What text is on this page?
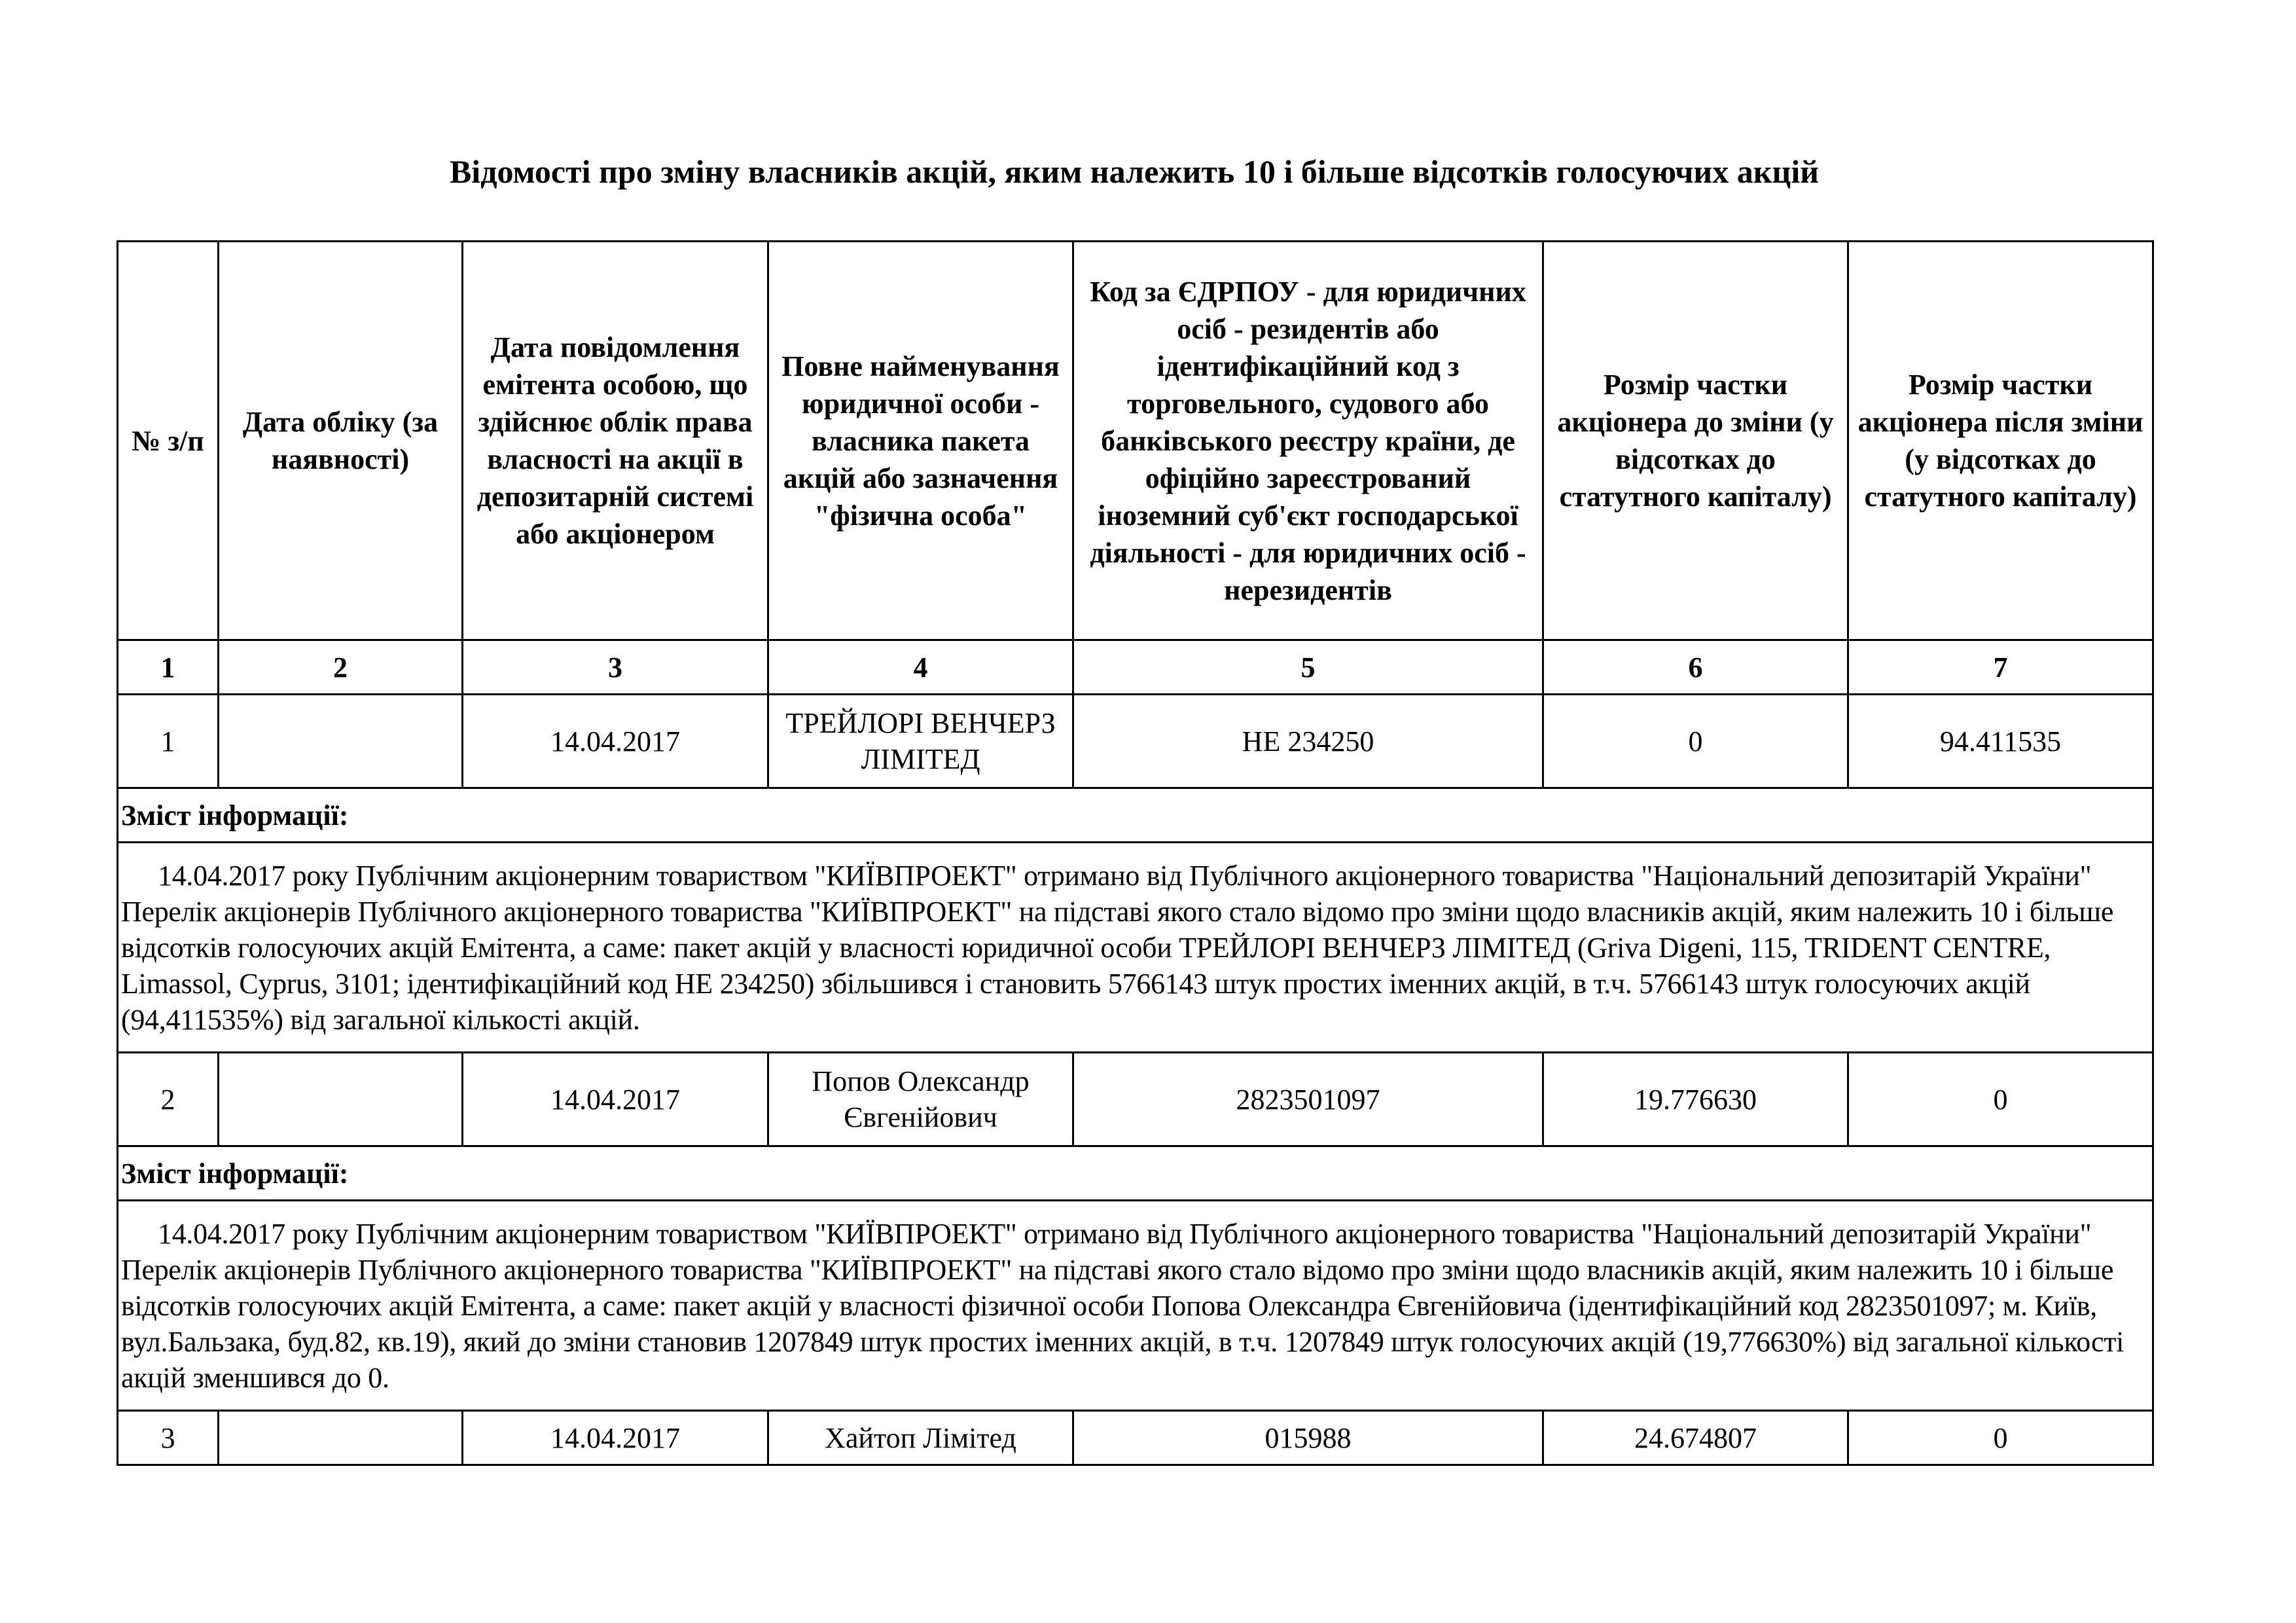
Відомості про зміну власників акцій, яким належить 10 і більше відсотків голосуючих акцій
№ з/п	Дата обліку (за наявності)	Дата повідомлення емітента особою, що здійснює облік права власності на акції в депозитарній системі або акціонером	Повне найменування юридичної особи - власника пакета акцій або зазначення "фізична особа"	Код за ЄДРПОУ - для юридичних осіб - резидентів або ідентифікаційний код з торговельного, судового або банківського реєстру країни, де офіційно зареєстрований іноземний суб'єкт господарської діяльності - для юридичних осіб - нерезидентів	Розмір частки акціонера до зміни (у відсотках до статутного капіталу)	Розмір частки акціонера після зміни (у відсотках до статутного капіталу)
1	2	3	4	5	6	7
1		14.04.2017	ТРЕЙЛОРІ ВЕНЧЕРЗ ЛІМІТЕД	НЕ 234250	0	94.411535
Зміст інформації:						
14.04.2017 року Публічним акціонерним товариством "КИЇВПРОЕКТ" отримано від Публічного акціонерного товариства "Національний депозитарій України" Перелік акціонерів Публічного акціонерного товариства "КИЇВПРОЕКТ" на підставі якого стало відомо про зміни щодо власників акцій, яким належить 10 і більше відсотків голосуючих акцій Емітента, а саме: пакет акцій у власності юридичної особи ТРЕЙЛОРІ ВЕНЧЕРЗ ЛІМІТЕД (Griva Digeni, 115, TRIDENT CENTRE, Limassol, Cyprus, 3101; ідентифікаційний код НЕ 234250) збільшився і становить 5766143 штук простих іменних акцій, в т.ч. 5766143 штук голосуючих акцій (94,411535%) від загальної кількості акцій.						
2		14.04.2017	Попов Олександр Євгенійович	2823501097	19.776630	0
Зміст інформації:						
14.04.2017 року Публічним акціонерним товариством "КИЇВПРОЕКТ" отримано від Публічного акціонерного товариства "Національний депозитарій України" Перелік акціонерів Публічного акціонерного товариства "КИЇВПРОЕКТ" на підставі якого стало відомо про зміни щодо власників акцій, яким належить 10 і більше відсотків голосуючих акцій Емітента, а саме: пакет акцій у власності фізичної особи Попова Олександра Євгенійовича (ідентифікаційний код 2823501097; м. Київ, вул.Бальзака, буд.82, кв.19), який до зміни становив 1207849 штук простих іменних акцій, в т.ч. 1207849 штук голосуючих акцій (19,776630%) від загальної кількості акцій зменшився до 0.						
3		14.04.2017	Хайтоп Лімітед	015988	24.674807	0
